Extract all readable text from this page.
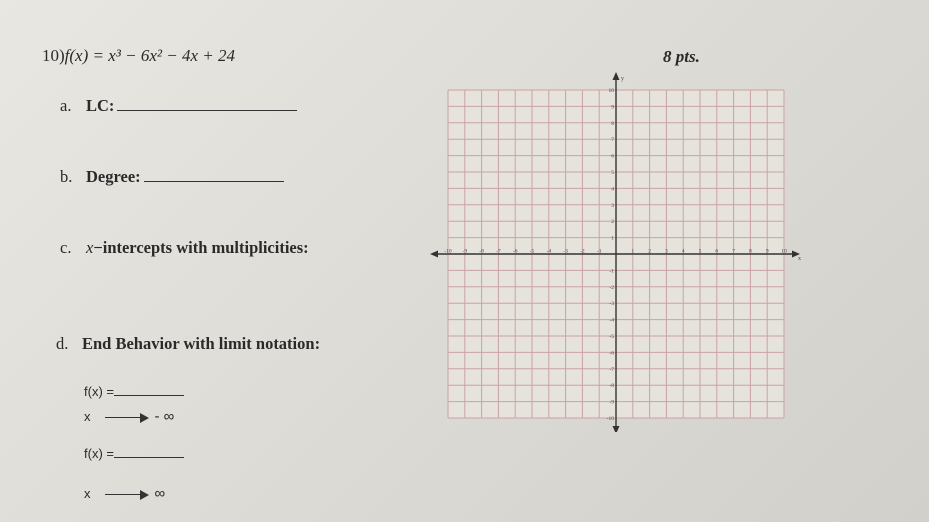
10)f(x) = x³ − 6x² − 4x + 24	8 pts.
a. LC:
b. Degree:
c. x−intercepts with multiplicities:
d. End Behavior with limit notation:
f(x) =
x	- ∞
f(x) =
x	∞
x
y
-10 -9 -8 -7 -6 -5 -4 -3 -2 -1	1	2	3	4	5	6	7	8	9 10
10
9
8
7
6
5
4
3
2
1
-1
-2
-3
-4
-5
-6
-7
-8
-9
-10
